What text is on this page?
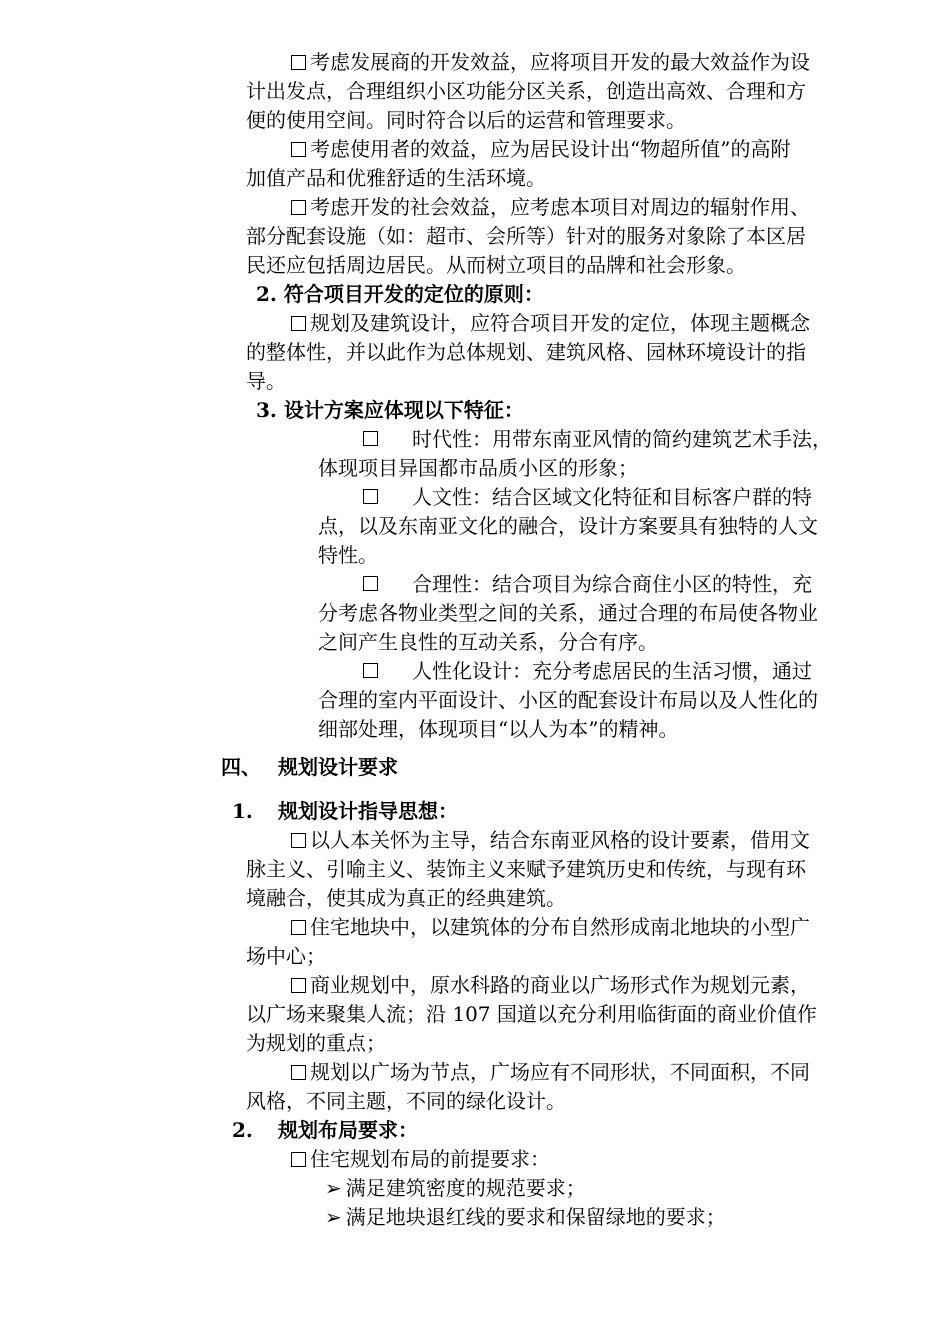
考虑发展商的开发效益，应将项目开发的最大效益作为设
计出发点，合理组织小区功能分区关系，创造出高效、合理和方
便的使用空间。同时符合以后的运营和管理要求。
考虑使用者的效益，应为居民设计出“物超所值”的高附
加值产品和优雅舒适的生活环境。
考虑开发的社会效益，应考虑本项目对周边的辐射作用、
部分配套设施（如：超市、会所等）针对的服务对象除了本区居
民还应包括周边居民。从而树立项目的品牌和社会形象。
2. 符合项目开发的定位的原则：
规划及建筑设计，应符合项目开发的定位，体现主题概念
的整体性，并以此作为总体规划、建筑风格、园林环境设计的指
导。
3. 设计方案应体现以下特征：
时代性：用带东南亚风情的简约建筑艺术手法，
体现项目异国都市品质小区的形象；
人文性：结合区域文化特征和目标客户群的特
点，以及东南亚文化的融合，设计方案要具有独特的人文
特性。
合理性：结合项目为综合商住小区的特性，充
分考虑各物业类型之间的关系，通过合理的布局使各物业
之间产生良性的互动关系，分合有序。
人性化设计：充分考虑居民的生活习惯，通过
合理的室内平面设计、小区的配套设计布局以及人性化的
细部处理，体现项目“以人为本”的精神。
四、 规划设计要求
1. 规划设计指导思想：
以人本关怀为主导，结合东南亚风格的设计要素，借用文
脉主义、引喻主义、装饰主义来赋予建筑历史和传统，与现有环
境融合，使其成为真正的经典建筑。
住宅地块中，以建筑体的分布自然形成南北地块的小型广
场中心；
商业规划中，原水科路的商业以广场形式作为规划元素，
以广场来聚集人流；沿 107 国道以充分利用临街面的商业价值作
为规划的重点；
规划以广场为节点，广场应有不同形状，不同面积，不同
风格，不同主题，不同的绿化设计。
2. 规划布局要求：
住宅规划布局的前提要求：
➢ 满足建筑密度的规范要求；
➢ 满足地块退红线的要求和保留绿地的要求；
